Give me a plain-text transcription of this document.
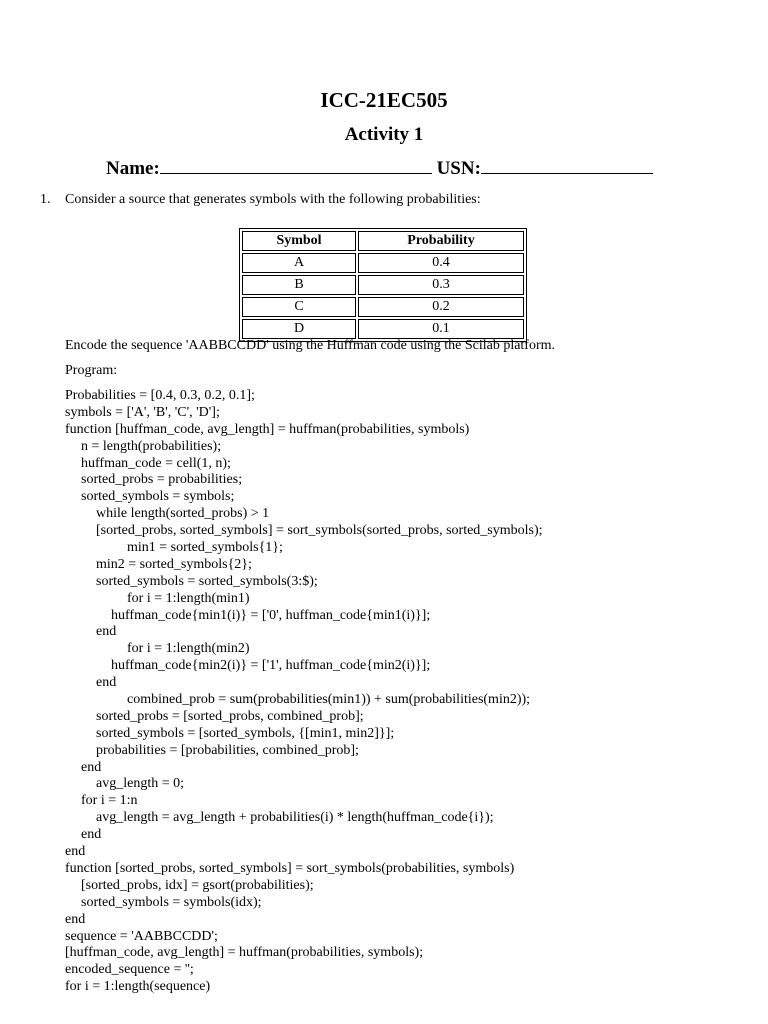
ICC-21EC505
Activity 1
Name:	USN:
1. Consider a source that generates symbols with the following probabilities:
Symbol	Probability
A	0.4
B	0.3
C	0.2
D	0.1
Encode the sequence 'AABBCCDD' using the Huffman code using the Scilab platform.
Program:
Probabilities = [0.4, 0.3, 0.2, 0.1];
symbols = ['A', 'B', 'C', 'D'];
function [huffman_code, avg_length] = huffman(probabilities, symbols)
n = length(probabilities);
huffman_code = cell(1, n);
sorted_probs = probabilities;
sorted_symbols = symbols;
while length(sorted_probs) > 1
[sorted_probs, sorted_symbols] = sort_symbols(sorted_probs, sorted_symbols);
min1 = sorted_symbols{1};
min2 = sorted_symbols{2};
sorted_symbols = sorted_symbols(3:$);
for i = 1:length(min1)
huffman_code{min1(i)} = ['0', huffman_code{min1(i)}];
end
for i = 1:length(min2)
huffman_code{min2(i)} = ['1', huffman_code{min2(i)}];
end
combined_prob = sum(probabilities(min1)) + sum(probabilities(min2));
sorted_probs = [sorted_probs, combined_prob];
sorted_symbols = [sorted_symbols, {[min1, min2]}];
probabilities = [probabilities, combined_prob];
end
avg_length = 0;
for i = 1:n
avg_length = avg_length + probabilities(i) * length(huffman_code{i});
end
end
function [sorted_probs, sorted_symbols] = sort_symbols(probabilities, symbols)
[sorted_probs, idx] = gsort(probabilities);
sorted_symbols = symbols(idx);
end
sequence = 'AABBCCDD';
[huffman_code, avg_length] = huffman(probabilities, symbols);
encoded_sequence = '';
for i = 1:length(sequence)
